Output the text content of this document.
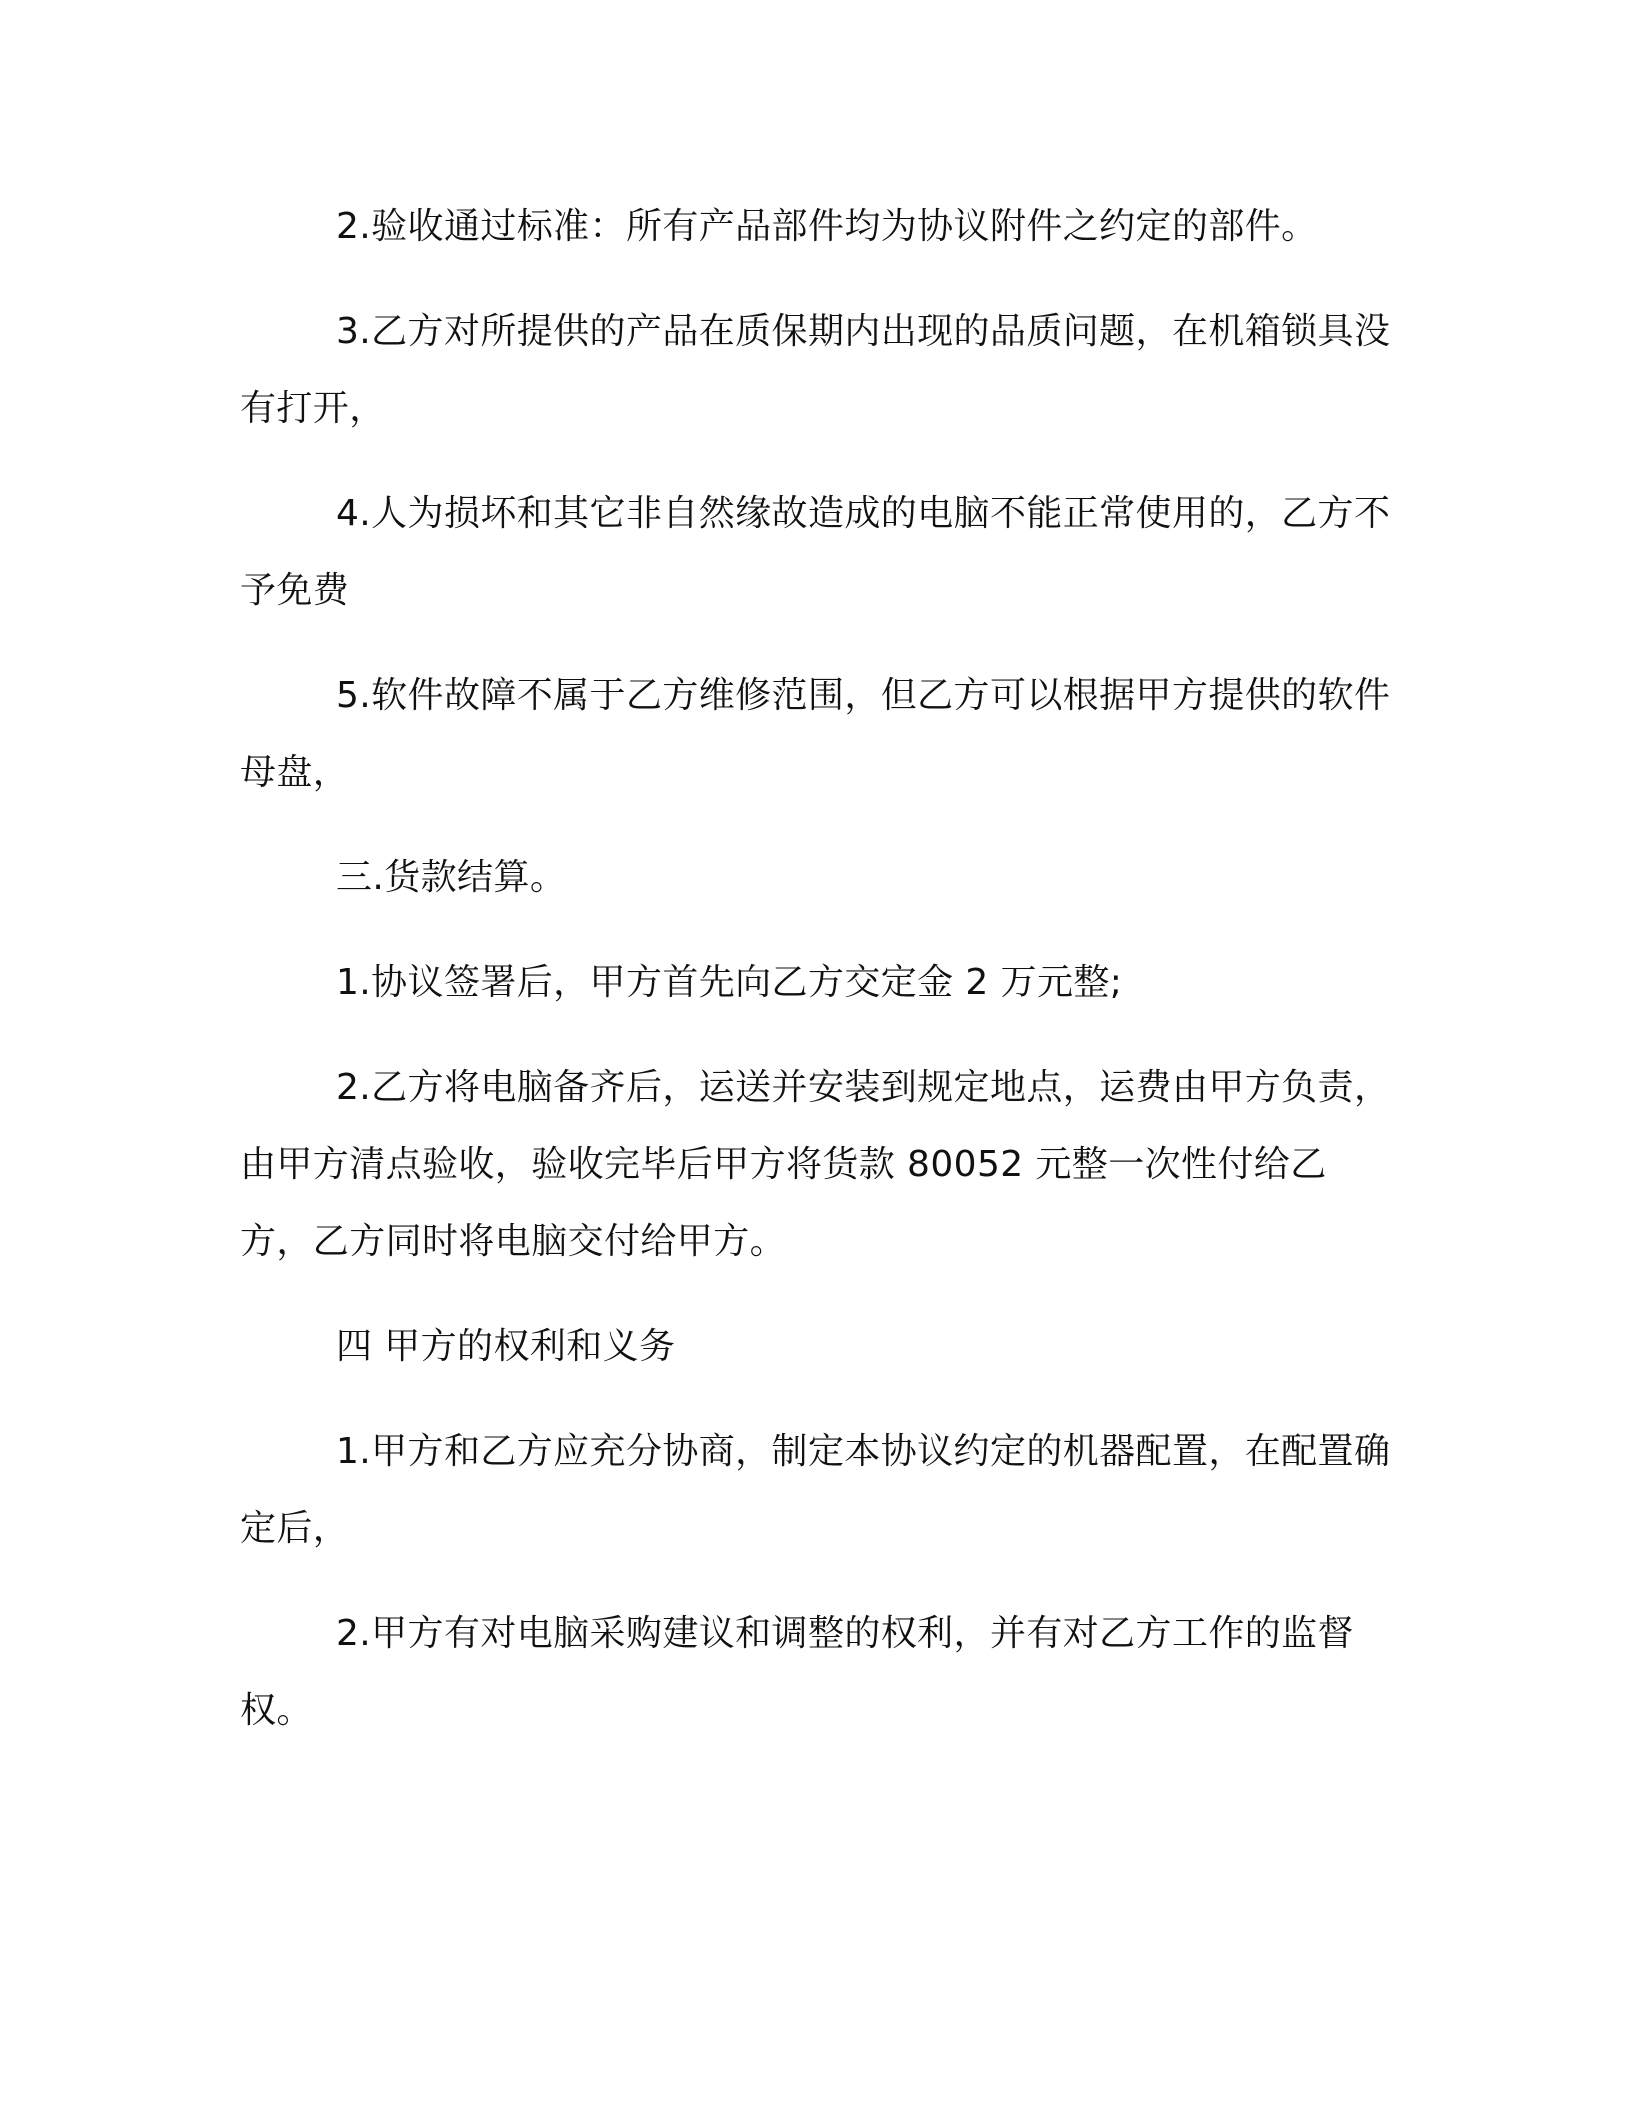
2.验收通过标准：所有产品部件均为协议附件之约定的部件。

3.乙方对所提供的产品在质保期内出现的品质问题，在机箱锁具没有打开，

4.人为损坏和其它非自然缘故造成的电脑不能正常使用的，乙方不予免费

5.软件故障不属于乙方维修范围，但乙方可以根据甲方提供的软件母盘，

三.货款结算。

1.协议签署后，甲方首先向乙方交定金 2 万元整;

2.乙方将电脑备齐后，运送并安装到规定地点，运费由甲方负责，由甲方清点验收，验收完毕后甲方将货款 80052 元整一次性付给乙方，乙方同时将电脑交付给甲方。

四 甲方的权利和义务

1.甲方和乙方应充分协商，制定本协议约定的机器配置，在配置确定后，

2.甲方有对电脑采购建议和调整的权利，并有对乙方工作的监督权。
